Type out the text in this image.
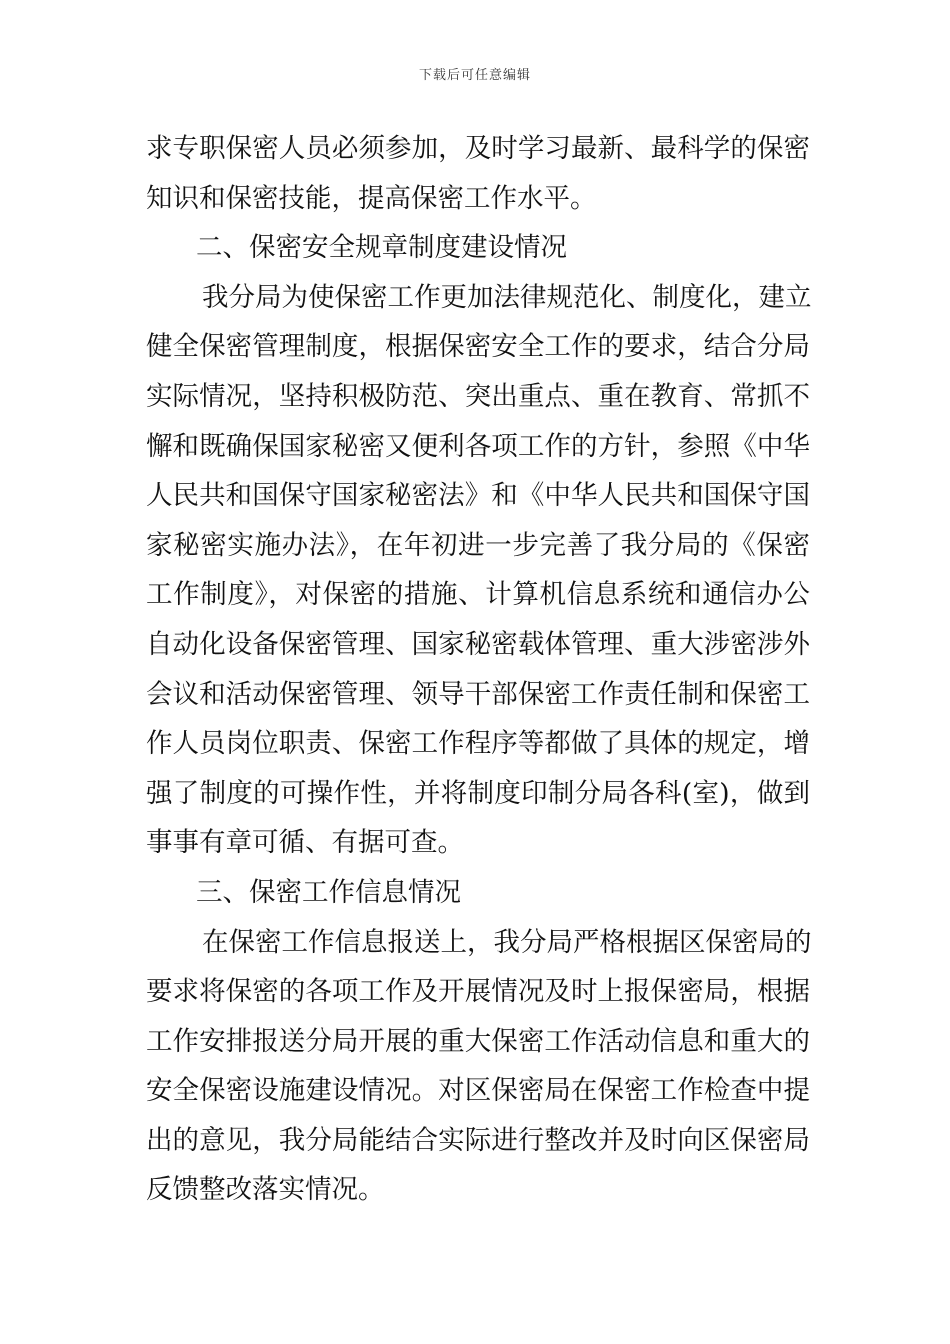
下载后可任意编辑
求专职保密人员必须参加，及时学习最新、最科学的保密
知识和保密技能，提高保密工作水平。
二、保密安全规章制度建设情况
我分局为使保密工作更加法律规范化、制度化，建立
健全保密管理制度，根据保密安全工作的要求，结合分局
实际情况，坚持积极防范、突出重点、重在教育、常抓不
懈和既确保国家秘密又便利各项工作的方针，参照《中华
人民共和国保守国家秘密法》和《中华人民共和国保守国
家秘密实施办法》，在年初进一步完善了我分局的《保密
工作制度》，对保密的措施、计算机信息系统和通信办公
自动化设备保密管理、国家秘密载体管理、重大涉密涉外
会议和活动保密管理、领导干部保密工作责任制和保密工
作人员岗位职责、保密工作程序等都做了具体的规定，增
强了制度的可操作性，并将制度印制分局各科(室)，做到
事事有章可循、有据可查。
三、保密工作信息情况
在保密工作信息报送上，我分局严格根据区保密局的
要求将保密的各项工作及开展情况及时上报保密局，根据
工作安排报送分局开展的重大保密工作活动信息和重大的
安全保密设施建设情况。对区保密局在保密工作检查中提
出的意见，我分局能结合实际进行整改并及时向区保密局
反馈整改落实情况。
